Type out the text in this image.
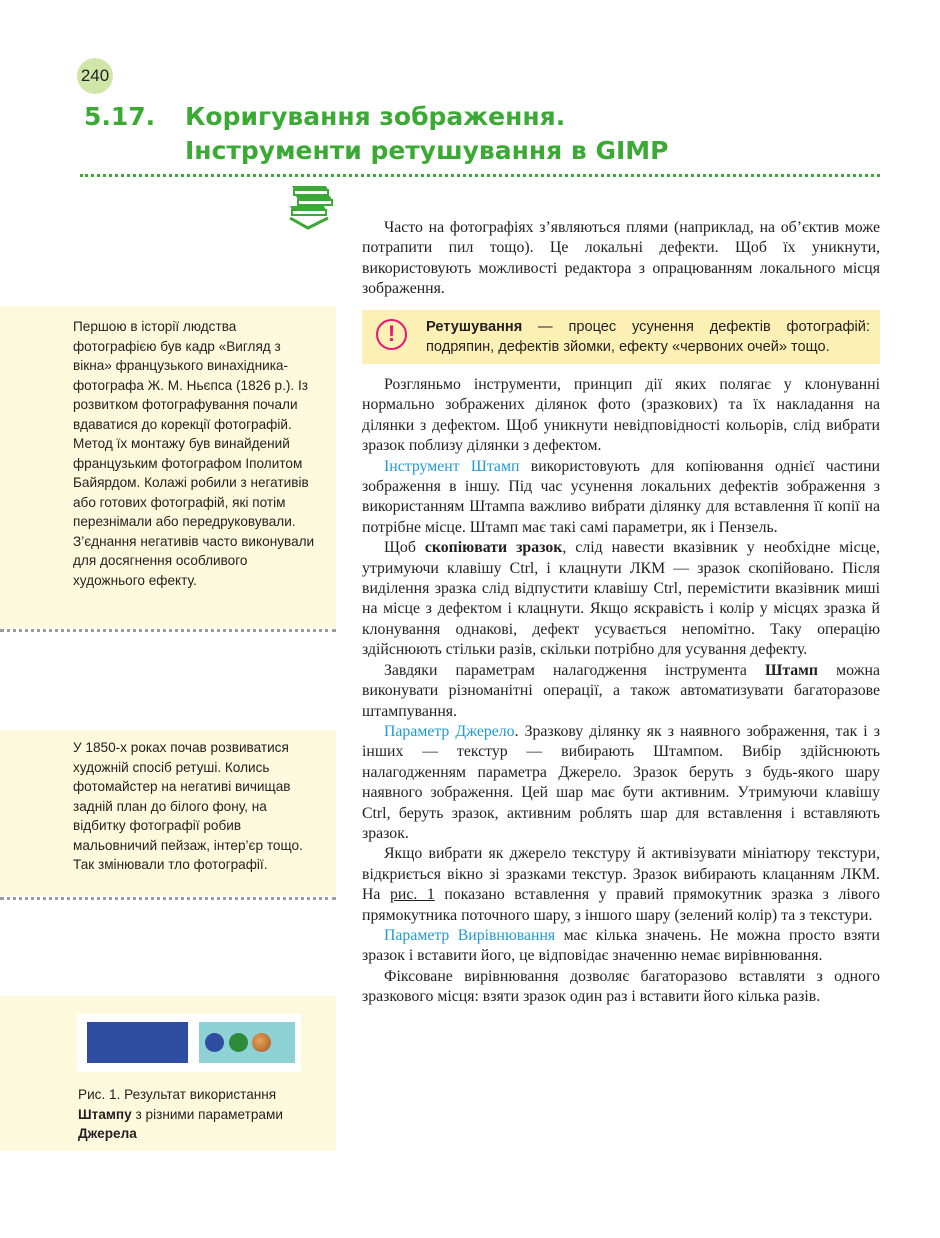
240
5.17. Коригування зображення.
Інструменти ретушування в GIMP
Першою в історії людства фотографією був кадр «Вигляд з вікна» французького винахідника-фотографа Ж. М. Ньєпса (1826 р.). Із розвитком фотографування почали вдаватися до корекції фотографій. Метод їх монтажу був винайдений французьким фотографом Іполитом Байярдом. Колажі робили з негативів або готових фотографій, які потім перезнімали або передруковували. З’єднання негативів часто виконували для досягнення особливого художнього ефекту.
У 1850-х роках почав розвиватися художній спосіб ретуші. Колись фотомайстер на негативі вичищав задній план до білого фону, на відбитку фотографії робив мальовничий пейзаж, інтер’єр тощо. Так змінювали тло фотографії.
Рис. 1. Результат використання Штампу з різними параметрами Джерела

Часто на фотографіях з’являються плями (наприклад, на об’єктив може потрапити пил тощо). Це локальні дефекти. Щоб їх уникнути, використовують можливості редактора з опрацюванням локального місця зображення.

!	Ретушування — процес усунення дефектів фотографій: подряпин, дефектів зйомки, ефекту «червоних очей» тощо.

Розгляньмо інструменти, принцип дії яких полягає у клонуванні нормально зображених ділянок фото (зразкових) та їх накладання на ділянки з дефектом. Щоб уникнути невідповідності кольорів, слід вибрати зразок поблизу ділянки з дефектом.

Інструмент Штамп використовують для копіювання однієї частини зображення в іншу. Під час усунення локальних дефектів зображення з використанням Штампа важливо вибрати ділянку для вставлення її копії на потрібне місце. Штамп має такі самі параметри, як і Пензель.

Щоб скопіювати зразок, слід навести вказівник у необхідне місце, утримуючи клавішу Ctrl, і клацнути ЛКМ — зразок скопійовано. Після виділення зразка слід відпустити клавішу Ctrl, перемістити вказівник миші на місце з дефектом і клацнути. Якщо яскравість і колір у місцях зразка й клонування однакові, дефект усувається непомітно. Таку операцію здійснюють стільки разів, скільки потрібно для усування дефекту.

Завдяки параметрам налагодження інструмента Штамп можна виконувати різноманітні операції, а також автоматизувати багаторазове штампування.

Параметр Джерело. Зразкову ділянку як з наявного зображення, так і з інших — текстур — вибирають Штампом. Вибір здійснюють налагодженням параметра Джерело. Зразок беруть з будь-якого шару наявного зображення. Цей шар має бути активним. Утримуючи клавішу Ctrl, беруть зразок, активним роблять шар для вставлення і вставляють зразок.

Якщо вибрати як джерело текстуру й активізувати мініатюру текстури, відкриється вікно зі зразками текстур. Зразок вибирають клацанням ЛКМ. На рис. 1 показано вставлення у правий прямокутник зразка з лівого прямокутника поточного шару, з іншого шару (зелений колір) та з текстури.

Параметр Вирівнювання має кілька значень. Не можна просто взяти зразок і вставити його, це відповідає значенню немає вирівнювання.

Фіксоване вирівнювання дозволяє багаторазово вставляти з одного зразкового місця: взяти зразок один раз і вставити його кілька разів.
